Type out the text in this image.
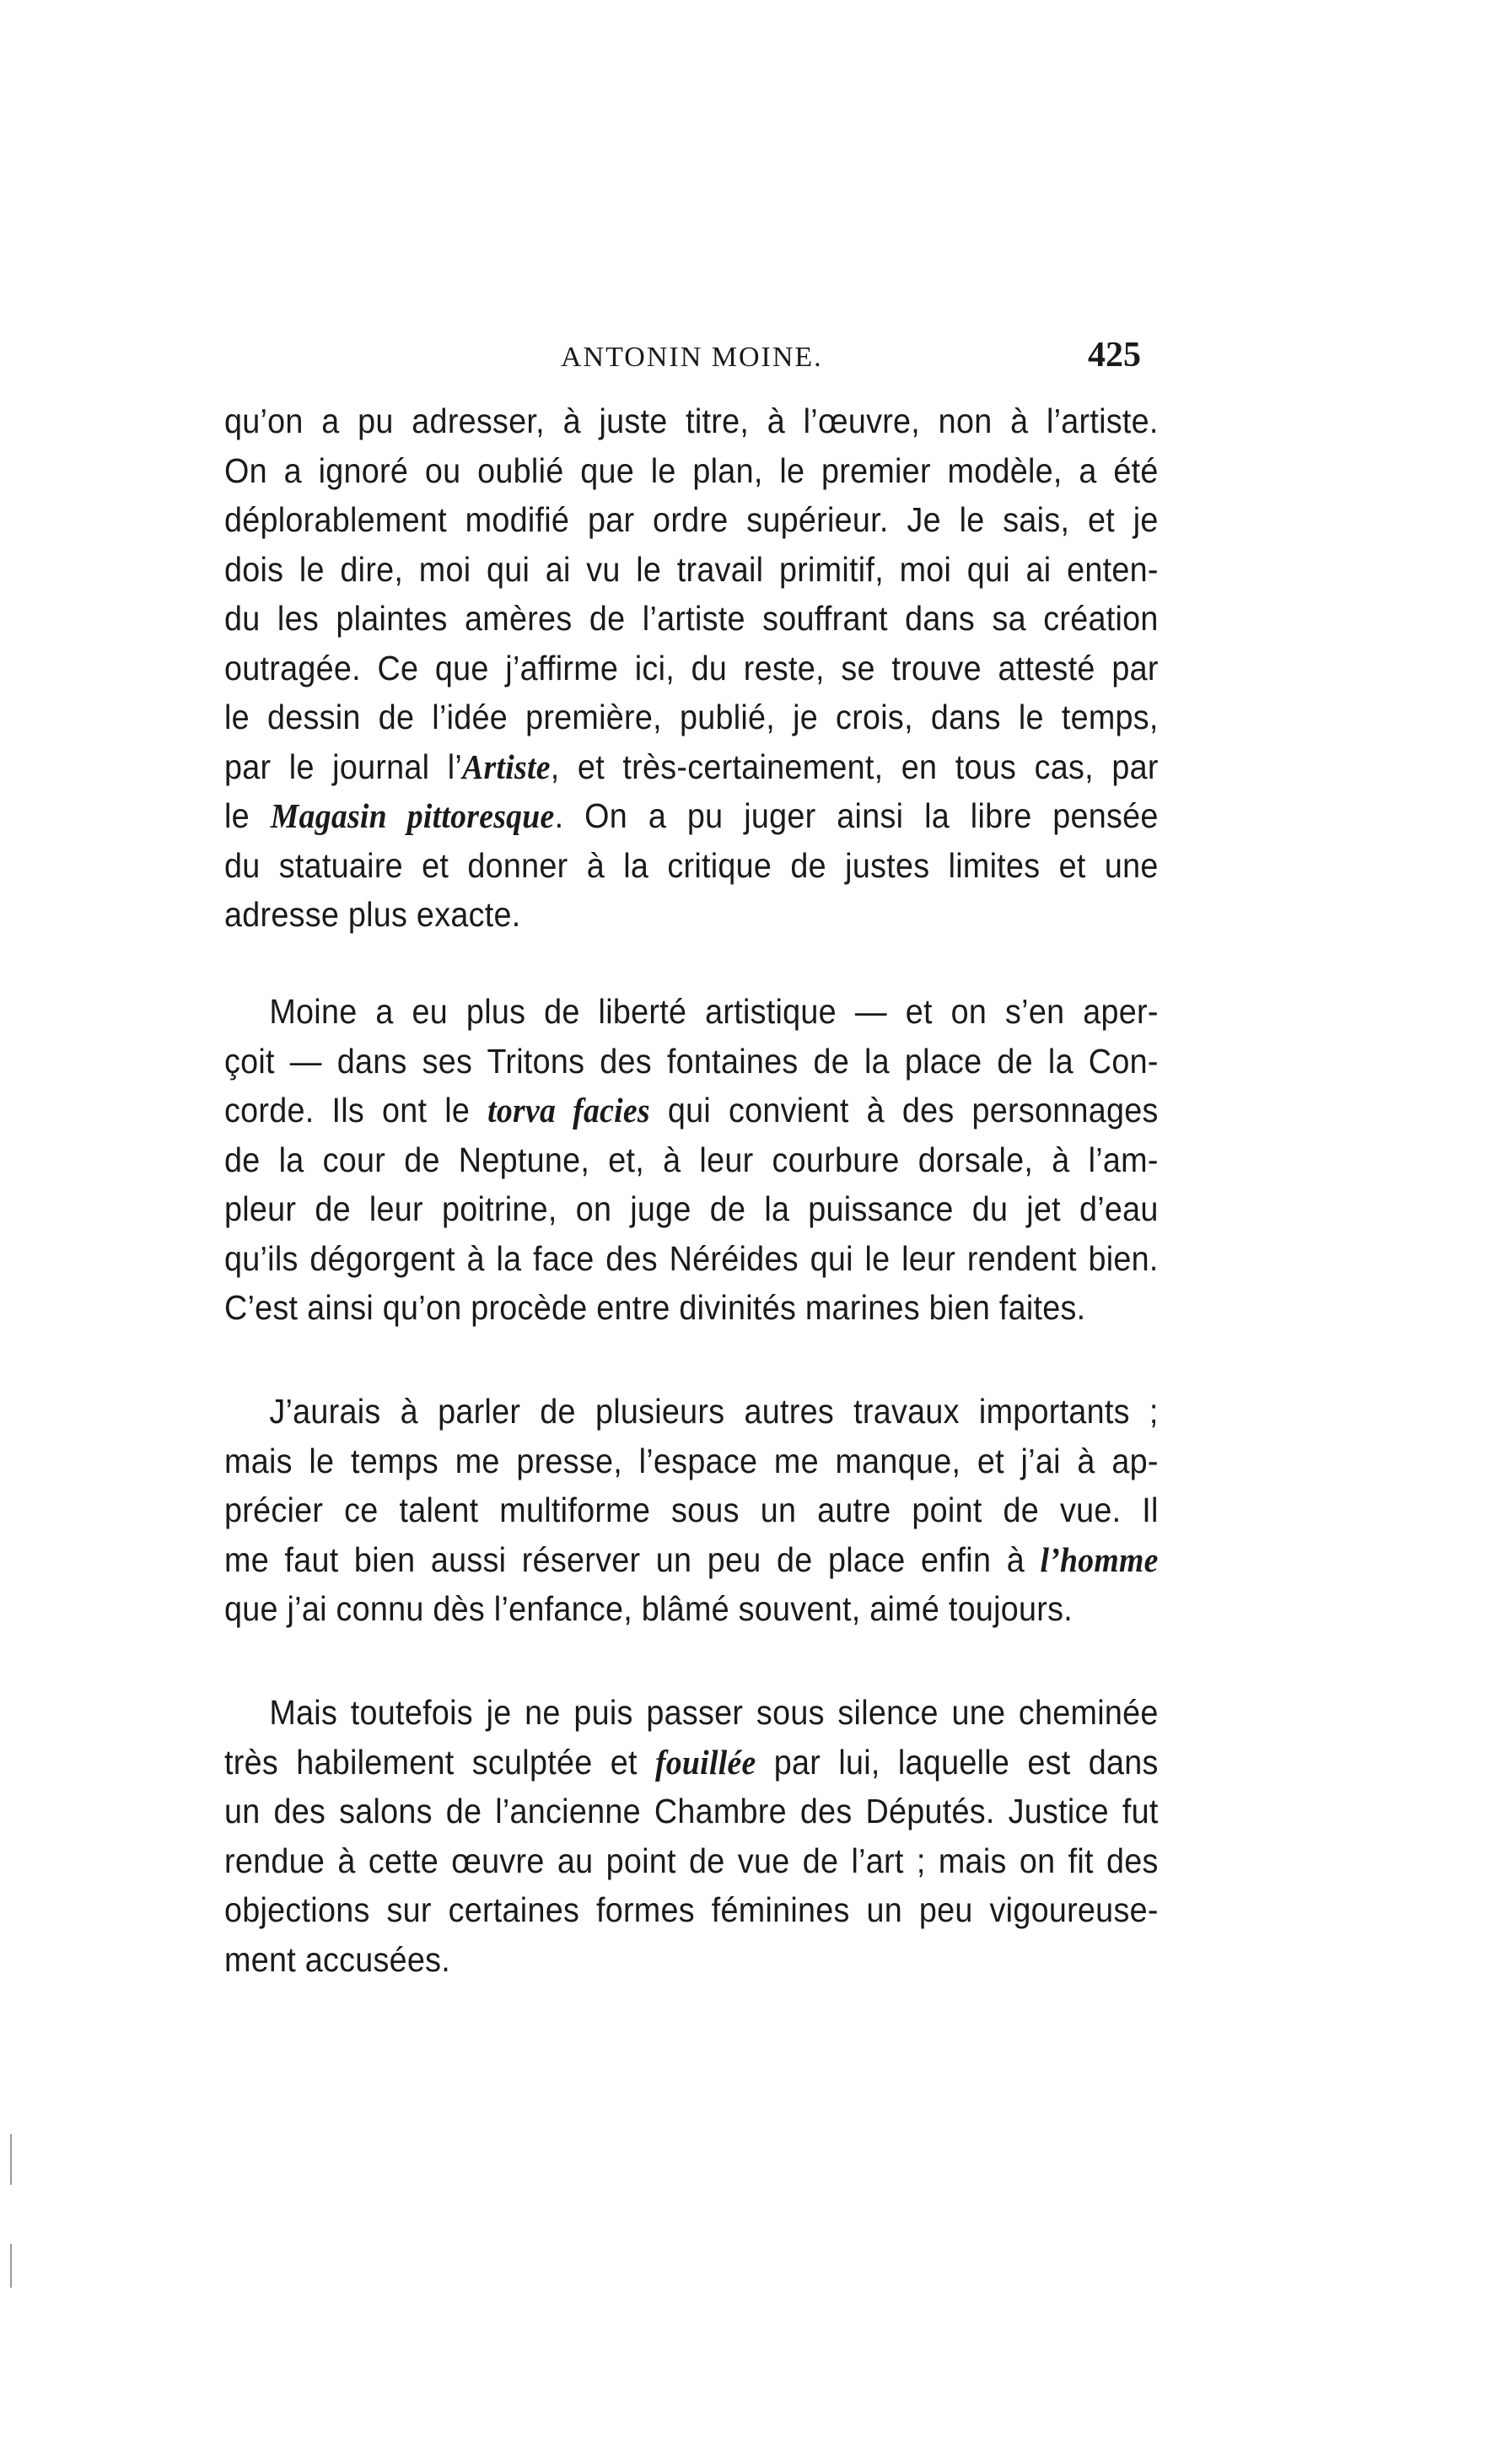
ANTONIN MOINE.	425
qu’on a pu adresser, à juste titre, à l’œuvre, non à l’artiste.
On a ignoré ou oublié que le plan, le premier modèle, a été
déplorablement modifié par ordre supérieur. Je le sais, et je
dois le dire, moi qui ai vu le travail primitif, moi qui ai enten-
du les plaintes amères de l’artiste souffrant dans sa création
outragée. Ce que j’affirme ici, du reste, se trouve attesté par
le dessin de l’idée première, publié, je crois, dans le temps,
par le journal l’Artiste, et très-certainement, en tous cas, par
le Magasin pittoresque. On a pu juger ainsi la libre pensée
du statuaire et donner à la critique de justes limites et une
adresse plus exacte.
Moine a eu plus de liberté artistique — et on s’en aper-
çoit — dans ses Tritons des fontaines de la place de la Con-
corde. Ils ont le torva facies qui convient à des personnages
de la cour de Neptune, et, à leur courbure dorsale, à l’am-
pleur de leur poitrine, on juge de la puissance du jet d’eau
qu’ils dégorgent à la face des Néréides qui le leur rendent bien.
C’est ainsi qu’on procède entre divinités marines bien faites.
J’aurais à parler de plusieurs autres travaux importants ;
mais le temps me presse, l’espace me manque, et j’ai à ap-
précier ce talent multiforme sous un autre point de vue. Il
me faut bien aussi réserver un peu de place enfin à l’homme
que j’ai connu dès l’enfance, blâmé souvent, aimé toujours.
Mais toutefois je ne puis passer sous silence une cheminée
très habilement sculptée et fouillée par lui, laquelle est dans
un des salons de l’ancienne Chambre des Députés. Justice fut
rendue à cette œuvre au point de vue de l’art ; mais on fit des
objections sur certaines formes féminines un peu vigoureuse-
ment accusées.
